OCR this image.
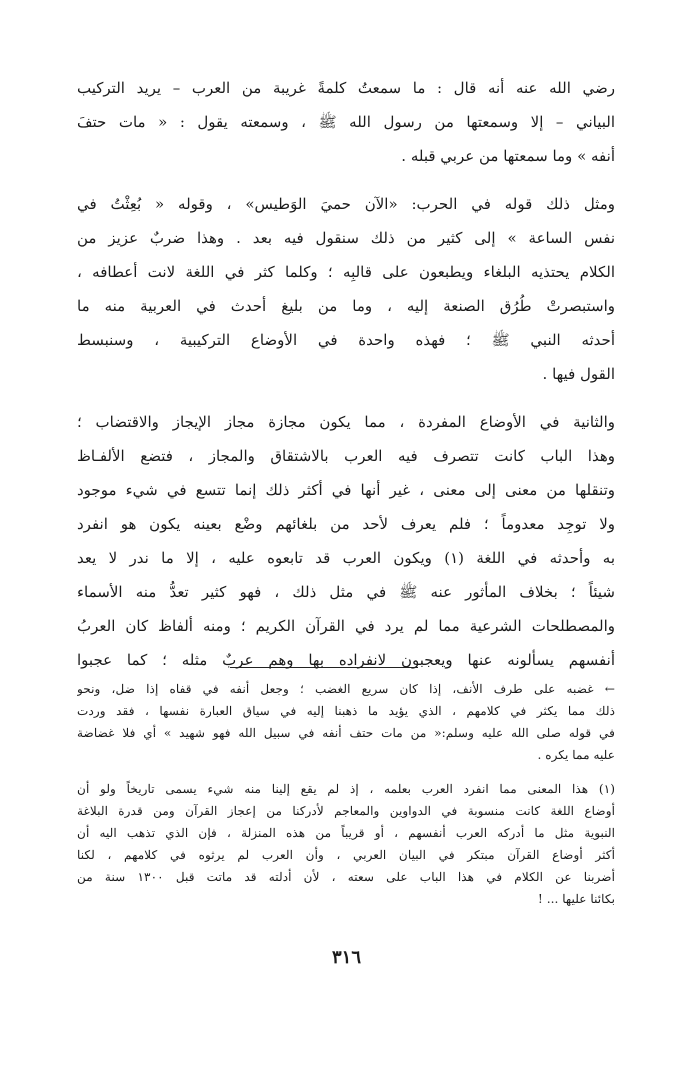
رضي الله عنه أنه قال : ما سمعتُ كلمةً غريبة من العرب – يريد التركيب
البياني – إلا وسمعتها من رسول الله ﷺ ، وسمعته يقول : « مات حتفَ
أنفه » وما سمعتها من عربي قبله .
ومثل ذلك قوله في الحرب: «الآن حميَ الوَطيس» ، وقوله « بُعِثْتُ في
نفس الساعة » إلى كثير من ذلك سنقول فيه بعد . وهذا ضربٌ عزيز من
الكلام يحتذيه البلغاء ويطبعون على قالبِه ؛ وكلما كثر في اللغة لانت أعطافه ،
واستبصرتْ طُرُق الصنعة إليه ، وما من بليغ أحدث في العربية منه ما
أحدثه النبي ﷺ ؛ فهذه واحدة في الأوضاع التركيبية ، وسنبسط
القول فيها .
والثانية في الأوضاع المفردة ، مما يكون مجازة مجاز الإيجاز والاقتضاب ؛
وهذا الباب كانت تتصرف فيه العرب بالاشتقاق والمجاز ، فتضع الألفـاظ
وتنقلها من معنى إلى معنى ، غير أنها في أكثر ذلك إنما تتسع في شيء موجود
ولا توجِد معدوماً ؛ فلم يعرف لأحد من بلغائهم وضْع بعينه يكون هو انفرد
به وأحدثه في اللغة (١) ويكون العرب قد تابعوه عليه ، إلا ما ندر لا يعد
شيئاً ؛ بخلاف المأثور عنه ﷺ في مثل ذلك ، فهو كثير تعدُّ منه الأسماء
والمصطلحات الشرعية مما لم يرد في القرآن الكريم ؛ ومنه ألفاظ كان العربُ
أنفسهم يسألونه عنها ويعجبون لانفراده بها وهم عربٌ مثله ؛ كما عجبوا
← غضبه على طرف الأنف، إذا كان سريع الغضب ؛ وجعل أنفه في قفاه إذا ضل، ونحو
ذلك مما يكثر في كلامهم ، الذي يؤيد ما ذهبنا إليه في سياق العبارة نفسها ، فقد وردت
في قوله صلى الله عليه وسلم:« من مات حتف أنفه في سبيل الله فهو شهيد » أي فلا غضاضة
عليه مما يكره .
(١) هذا المعنى مما انفرد العرب بعلمه ، إذ لم يقع إلينا منه شيء يسمى تاريخاً ولو أن
أوضاع اللغة كانت منسوبة في الدواوين والمعاجم لأدركنا من إعجاز القرآن ومن قدرة البلاغة
النبوية مثل ما أدركه العرب أنفسهم ، أو قريباً من هذه المنزلة ، فإن الذي تذهب اليه أن
أكثر أوضاع القرآن مبتكر في البيان العربي ، وأن العرب لم يرثوه في كلامهم ، لكنا
أضربنا عن الكلام في هذا الباب على سعته ، لأن أدلته قد ماتت قبل ١٣٠٠ سنة من
بكائنا عليها ... !
٣١٦
